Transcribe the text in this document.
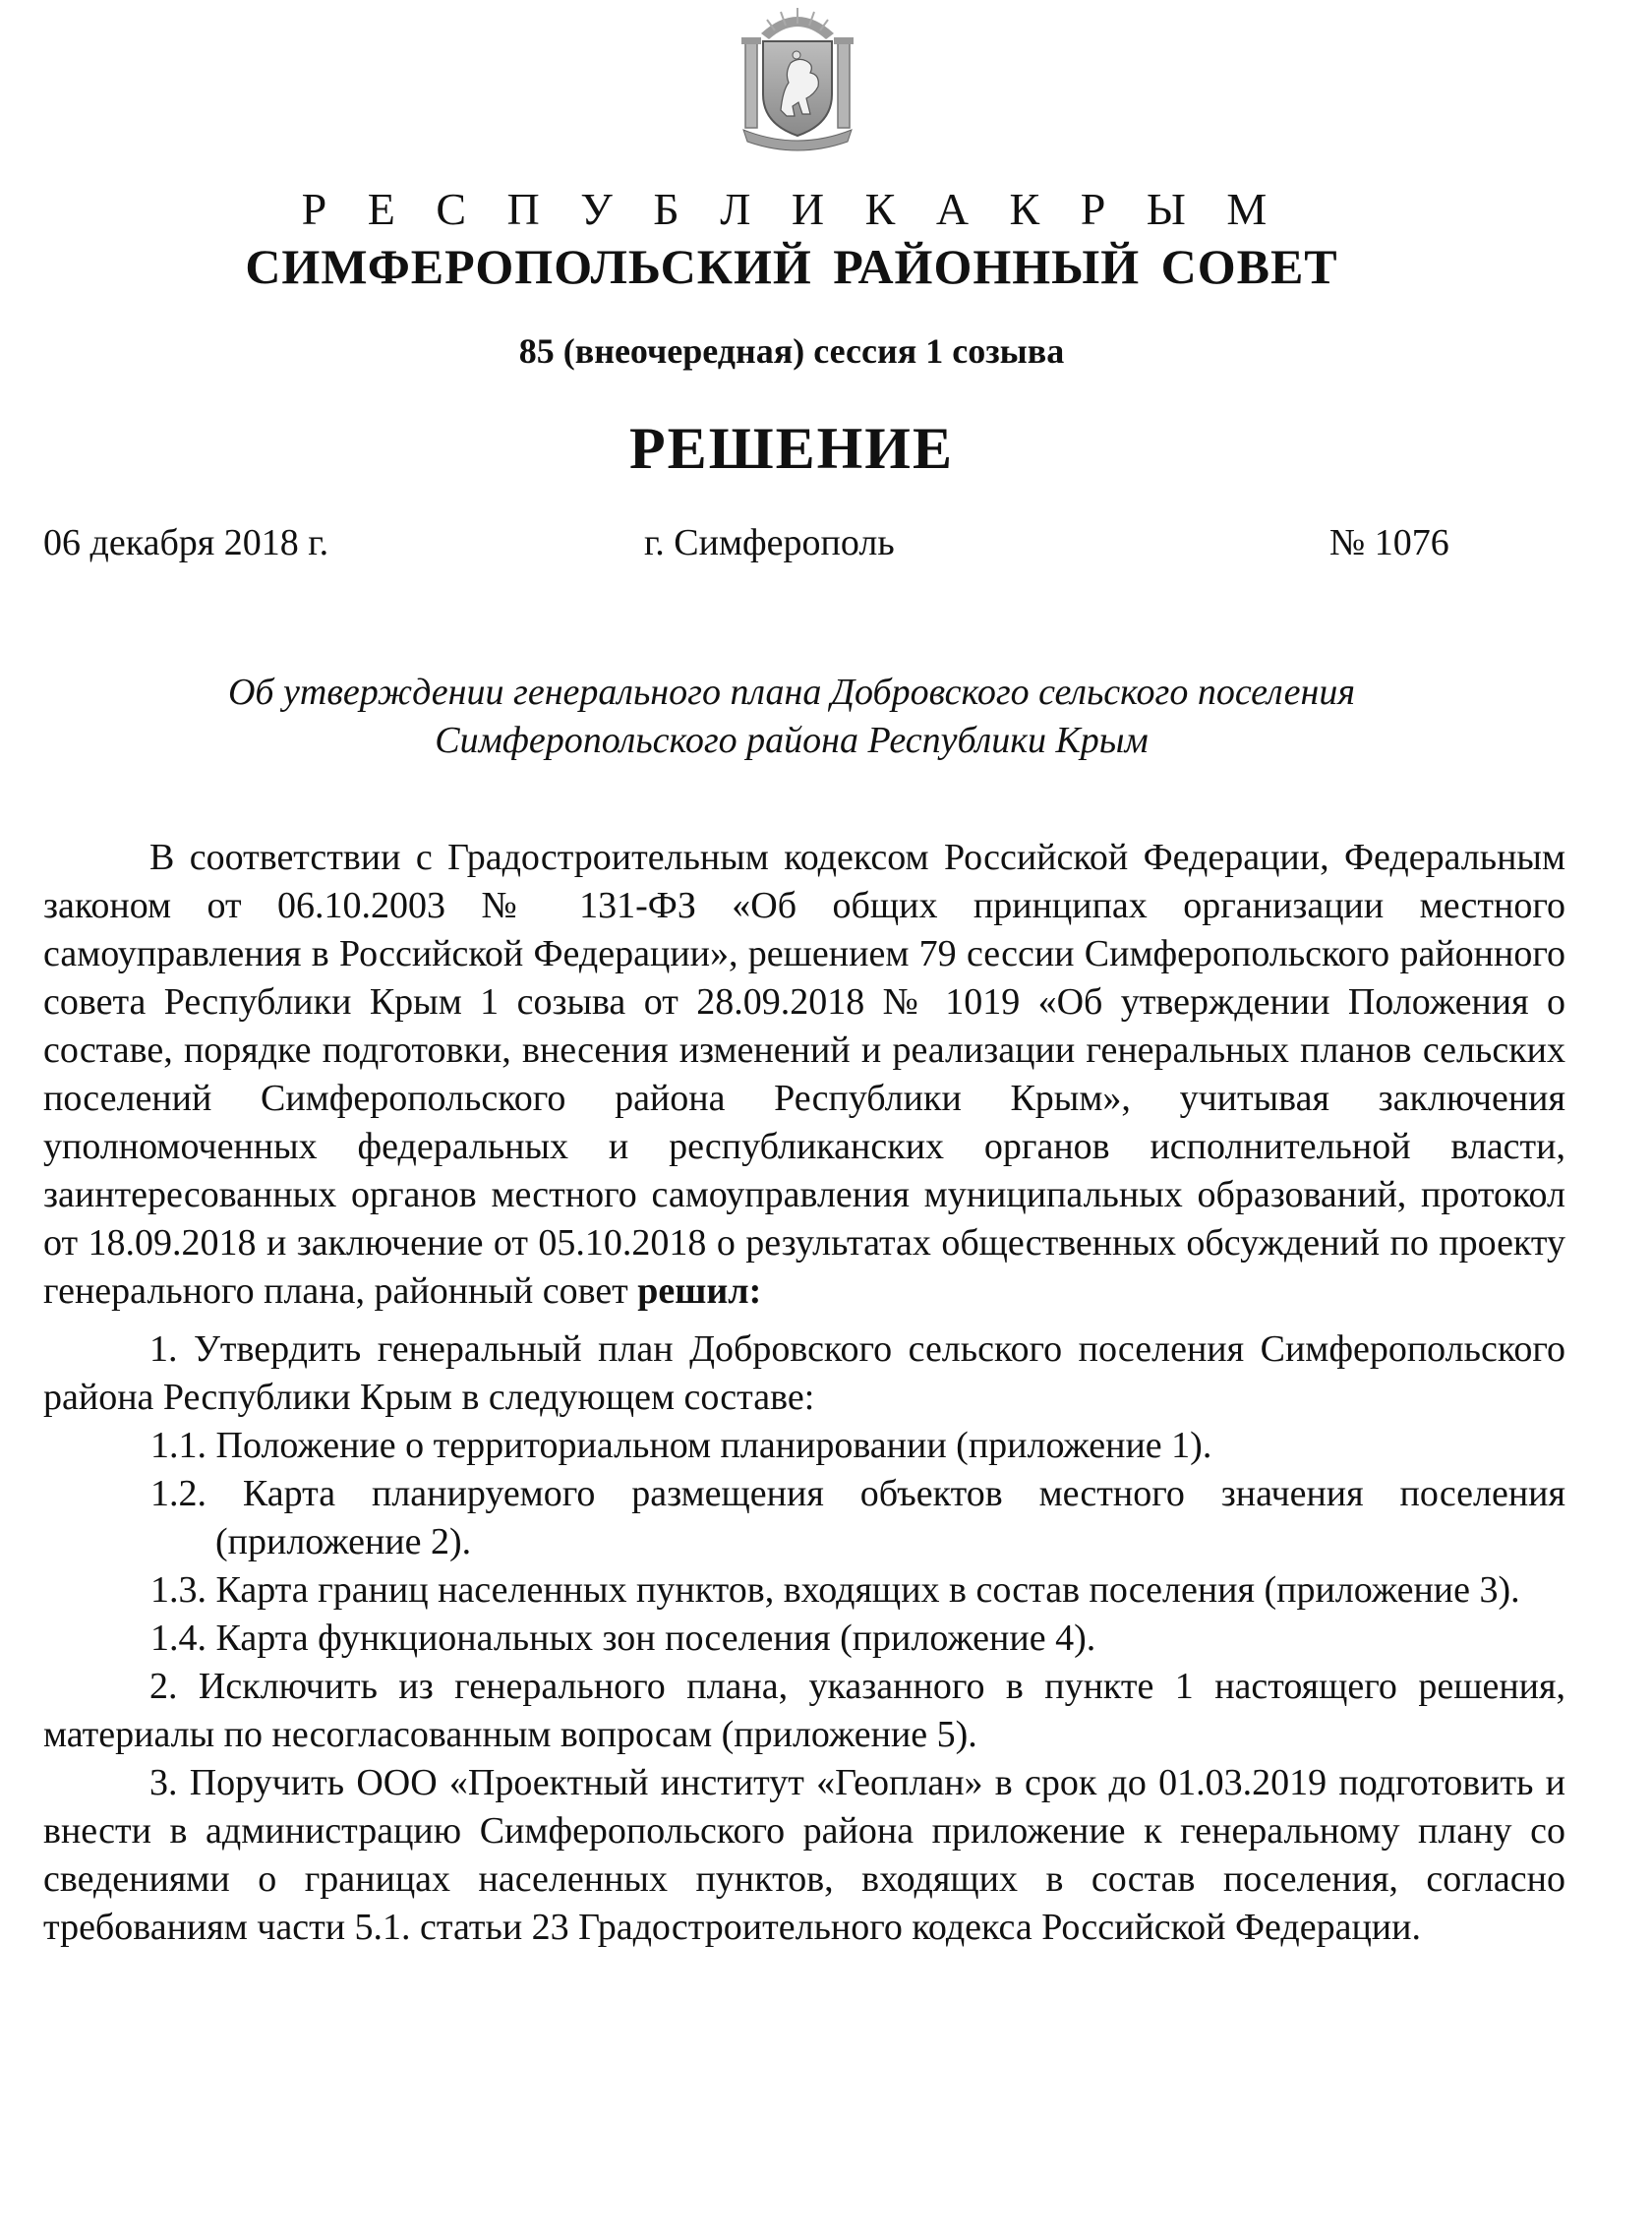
Р Е С П У Б Л И К А К Р Ы М
СИМФЕРОПОЛЬСКИЙ РАЙОННЫЙ СОВЕТ
85 (внеочередная) сессия 1 созыва
РЕШЕНИЕ
06 декабря 2018 г.	г. Симферополь	№ 1076
Об утверждении генерального плана Добровского сельского поселения
Симферопольского района Республики Крым

В соответствии с Градостроительным кодексом Российской Федерации, Федеральным законом от 06.10.2003 № 131-ФЗ «Об общих принципах организации местного самоуправления в Российской Федерации», решением 79 сессии Симферопольского районного совета Республики Крым 1 созыва от 28.09.2018 № 1019 «Об утверждении Положения о составе, порядке подготовки, внесения изменений и реализации генеральных планов сельских поселений Симферопольского района Республики Крым», учитывая заключения уполномоченных федеральных и республиканских органов исполнительной власти, заинтересованных органов местного самоуправления муниципальных образований, протокол от 18.09.2018 и заключение от 05.10.2018 о результатах общественных обсуждений по проекту генерального плана, районный совет решил:

1. Утвердить генеральный план Добровского сельского поселения Симферопольского района Республики Крым в следующем составе:

1.1. Положение о территориальном планировании (приложение 1).

1.2. Карта планируемого размещения объектов местного значения поселения (приложение 2).

1.3. Карта границ населенных пунктов, входящих в состав поселения (приложение 3).

1.4. Карта функциональных зон поселения (приложение 4).

2. Исключить из генерального плана, указанного в пункте 1 настоящего решения, материалы по несогласованным вопросам (приложение 5).

3. Поручить ООО «Проектный институт «Геоплан» в срок до 01.03.2019 подготовить и внести в администрацию Симферопольского района приложение к генеральному плану со сведениями о границах населенных пунктов, входящих в состав поселения, согласно требованиям части 5.1. статьи 23 Градостроительного кодекса Российской Федерации.
